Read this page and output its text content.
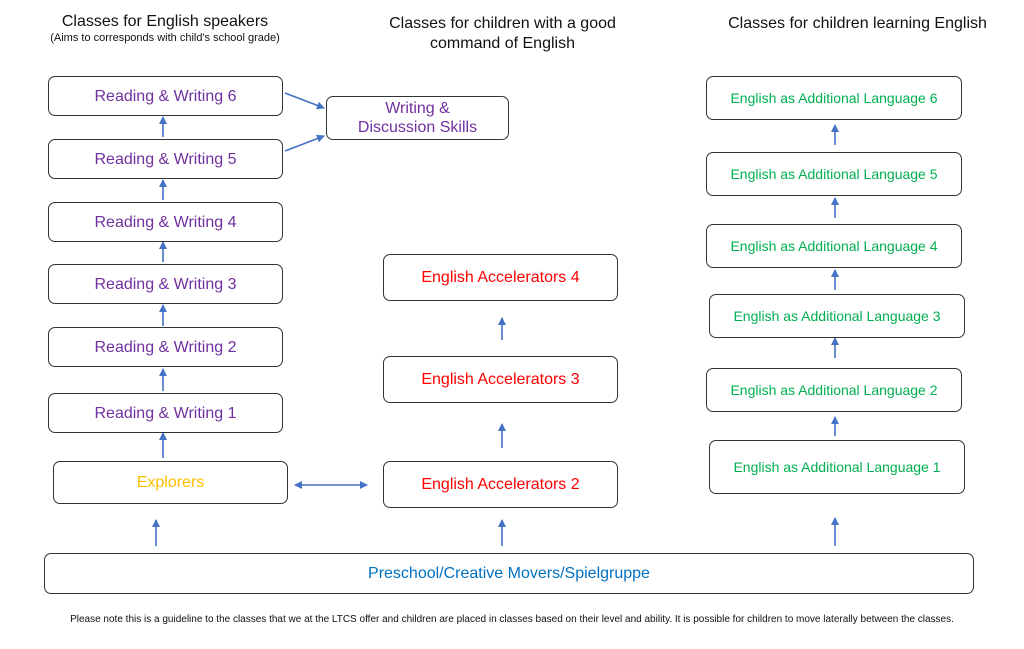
Classes for English speakers
(Aims to corresponds with child's school grade)
Classes for children with a good command of English
Classes for children learning English
Reading & Writing 6
Reading & Writing 5
Reading & Writing 4
Reading & Writing 3
Reading & Writing 2
Reading & Writing 1
Writing & Discussion Skills
Explorers
English Accelerators 4
English Accelerators 3
English Accelerators 2
English as Additional Language 6
English as Additional Language 5
English as Additional Language 4
English as Additional Language 3
English as Additional Language 2
English as Additional Language 1
Preschool/Creative Movers/Spielgruppe
Please note this is a guideline to the classes that we at the LTCS offer and children are placed in classes based on their level and ability. It is possible for children to move laterally between the classes.
